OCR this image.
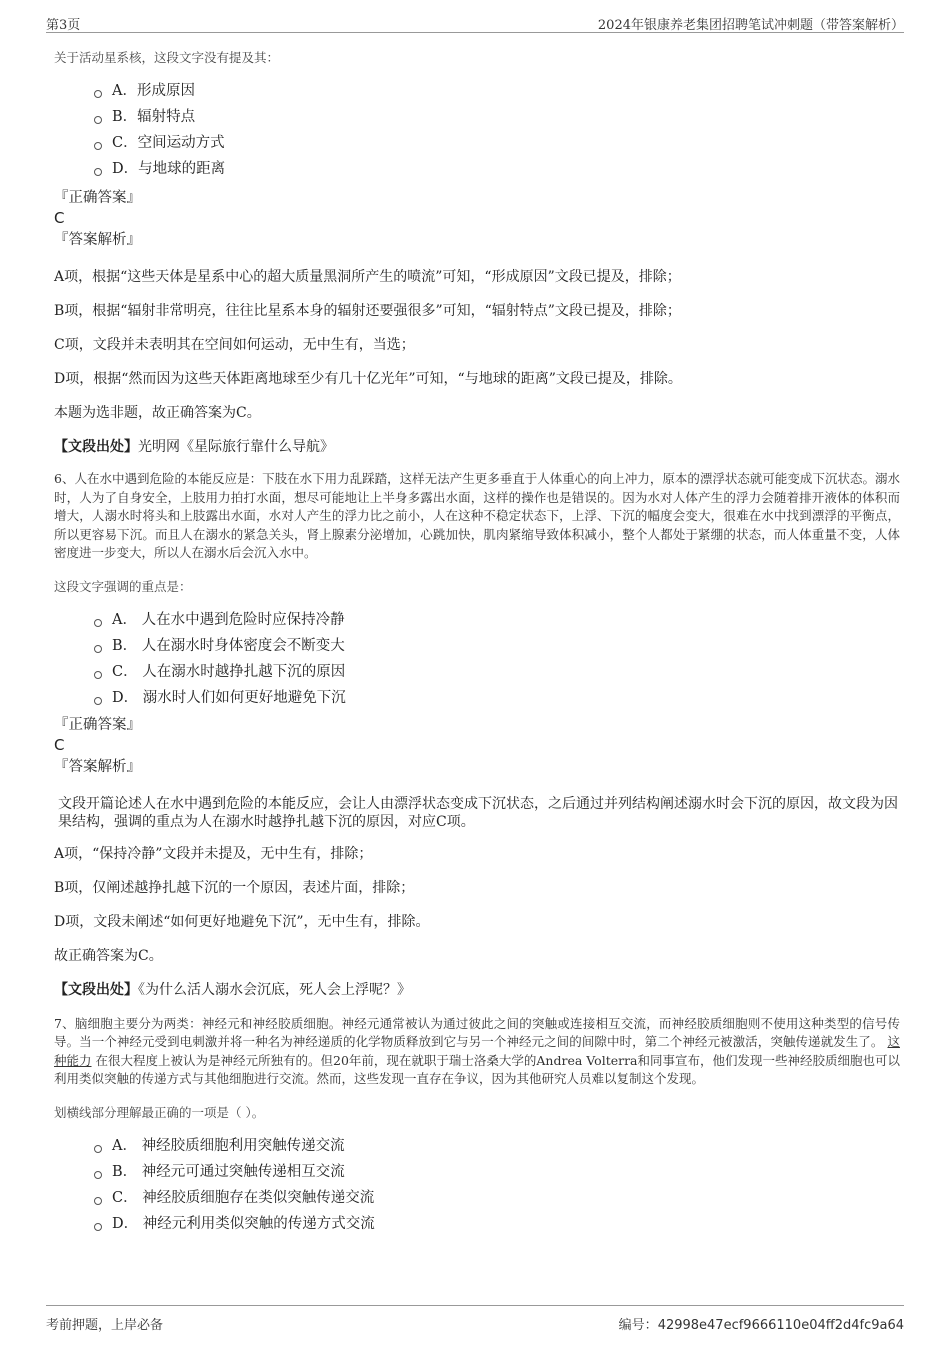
第3页	2024年银康养老集团招聘笔试冲刺题（带答案解析）
关于活动星系核，这段文字没有提及其：
A．形成原因
B．辐射特点
C．空间运动方式
D．与地球的距离
『正确答案』
C
『答案解析』
A项，根据“这些天体是星系中心的超大质量黑洞所产生的喷流”可知，“形成原因”文段已提及，排除；
B项，根据“辐射非常明亮，往往比星系本身的辐射还要强很多”可知，“辐射特点”文段已提及，排除；
C项，文段并未表明其在空间如何运动，无中生有，当选；
D项，根据“然而因为这些天体距离地球至少有几十亿光年”可知，“与地球的距离”文段已提及，排除。
本题为选非题，故正确答案为C。
【文段出处】光明网《星际旅行靠什么导航》
6、人在水中遇到危险的本能反应是：下肢在水下用力乱踩踏，这样无法产生更多垂直于人体重心的向上冲力，原本的漂浮状态就可能变成下沉状态。溺水时，人为了自身安全，上肢用力拍打水面，想尽可能地让上半身多露出水面，这样的操作也是错误的。因为水对人体产生的浮力会随着排开液体的体积而增大，人溺水时将头和上肢露出水面，水对人产生的浮力比之前小，人在这种不稳定状态下，上浮、下沉的幅度会变大，很难在水中找到漂浮的平衡点，所以更容易下沉。而且人在溺水的紧急关头，肾上腺素分泌增加，心跳加快，肌肉紧缩导致体积减小，整个人都处于紧绷的状态，而人体重量不变，人体密度进一步变大，所以人在溺水后会沉入水中。
这段文字强调的重点是：
A． 人在水中遇到危险时应保持冷静
B． 人在溺水时身体密度会不断变大
C． 人在溺水时越挣扎越下沉的原因
D． 溺水时人们如何更好地避免下沉
『正确答案』
C
『答案解析』
文段开篇论述人在水中遇到危险的本能反应，会让人由漂浮状态变成下沉状态，之后通过并列结构阐述溺水时会下沉的原因，故文段为因果结构，强调的重点为人在溺水时越挣扎越下沉的原因，对应C项。
A项，“保持冷静”文段并未提及，无中生有，排除；
B项，仅阐述越挣扎越下沉的一个原因，表述片面，排除；
D项，文段未阐述“如何更好地避免下沉”，无中生有，排除。
故正确答案为C。
【文段出处】《为什么活人溺水会沉底，死人会上浮呢？》
7、脑细胞主要分为两类：神经元和神经胶质细胞。神经元通常被认为通过彼此之间的突触或连接相互交流，而神经胶质细胞则不使用这种类型的信号传导。当一个神经元受到电刺激并将一种名为神经递质的化学物质释放到它与另一个神经元之间的间隙中时，第二个神经元被激活，突触传递就发生了。 这种能力 在很大程度上被认为是神经元所独有的。但20年前，现在就职于瑞士洛桑大学的Andrea Volterra和同事宣布，他们发现一些神经胶质细胞也可以利用类似突触的传递方式与其他细胞进行交流。然而，这些发现一直存在争议，因为其他研究人员难以复制这个发现。
划横线部分理解最正确的一项是（ ）。
A． 神经胶质细胞利用突触传递交流
B． 神经元可通过突触传递相互交流
C． 神经胶质细胞存在类似突触传递交流
D． 神经元利用类似突触的传递方式交流
考前押题，上岸必备	编号：42998e47ecf9666110e04ff2d4fc9a64
